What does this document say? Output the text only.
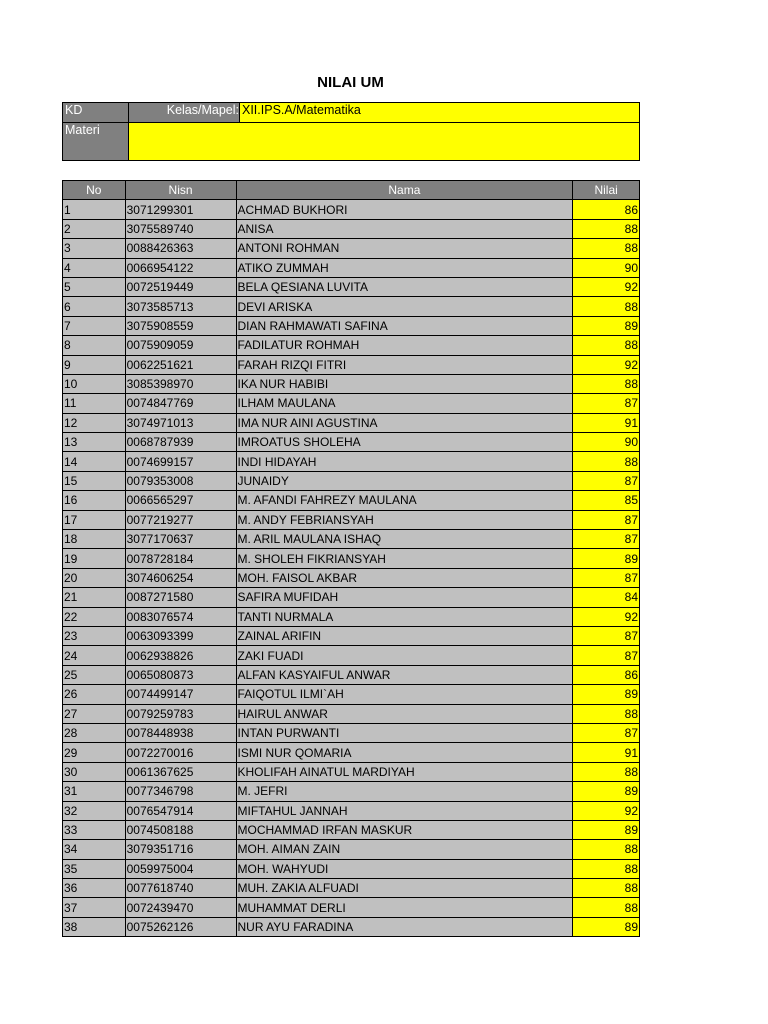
NILAI UM
KD	Kelas/Mapel:	XII.IPS.A/Matematika
Materi		
No	Nisn	Nama	Nilai
1	3071299301	ACHMAD BUKHORI	86
2	3075589740	ANISA	88
3	0088426363	ANTONI ROHMAN	88
4	0066954122	ATIKO ZUMMAH	90
5	0072519449	BELA QESIANA LUVITA	92
6	3073585713	DEVI ARISKA	88
7	3075908559	DIAN RAHMAWATI SAFINA	89
8	0075909059	FADILATUR ROHMAH	88
9	0062251621	FARAH RIZQI FITRI	92
10	3085398970	IKA NUR HABIBI	88
11	0074847769	ILHAM MAULANA	87
12	3074971013	IMA NUR AINI AGUSTINA	91
13	0068787939	IMROATUS SHOLEHA	90
14	0074699157	INDI HIDAYAH	88
15	0079353008	JUNAIDY	87
16	0066565297	M. AFANDI FAHREZY MAULANA	85
17	0077219277	M. ANDY FEBRIANSYAH	87
18	3077170637	M. ARIL MAULANA ISHAQ	87
19	0078728184	M. SHOLEH FIKRIANSYAH	89
20	3074606254	MOH. FAISOL AKBAR	87
21	0087271580	SAFIRA MUFIDAH	84
22	0083076574	TANTI NURMALA	92
23	0063093399	ZAINAL ARIFIN	87
24	0062938826	ZAKI FUADI	87
25	0065080873	ALFAN KASYAIFUL ANWAR	86
26	0074499147	FAIQOTUL ILMI`AH	89
27	0079259783	HAIRUL ANWAR	88
28	0078448938	INTAN PURWANTI	87
29	0072270016	ISMI NUR QOMARIA	91
30	0061367625	KHOLIFAH AINATUL MARDIYAH	88
31	0077346798	M. JEFRI	89
32	0076547914	MIFTAHUL JANNAH	92
33	0074508188	MOCHAMMAD IRFAN MASKUR	89
34	3079351716	MOH. AIMAN ZAIN	88
35	0059975004	MOH. WAHYUDI	88
36	0077618740	MUH. ZAKIA ALFUADI	88
37	0072439470	MUHAMMAT DERLI	88
38	0075262126	NUR AYU FARADINA	89
